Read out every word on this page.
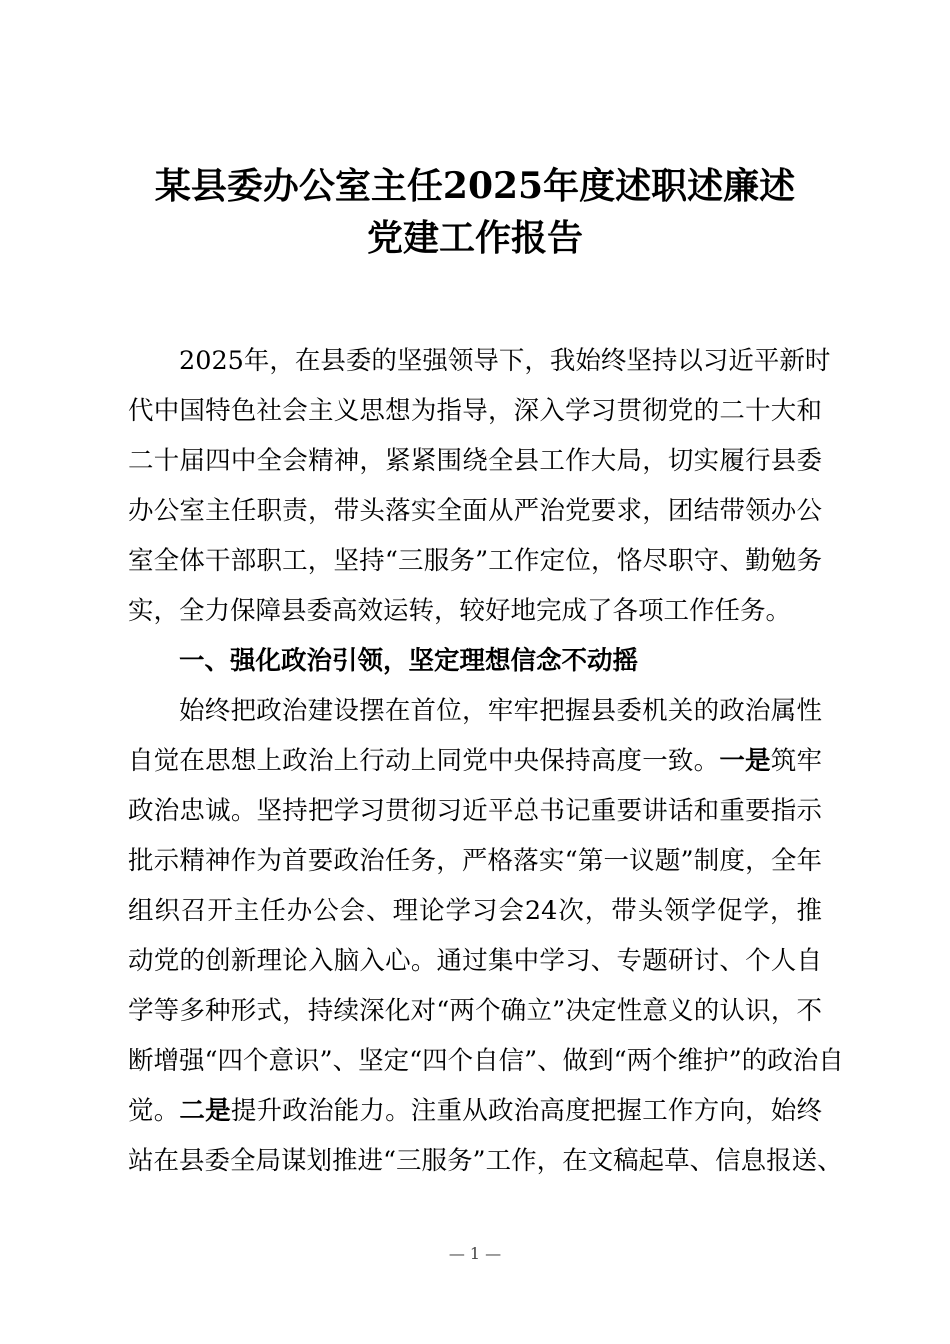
某县委办公室主任2025年度述职述廉述
党建工作报告
2025年，在县委的坚强领导下，我始终坚持以习近平新时
代中国特色社会主义思想为指导，深入学习贯彻党的二十大和
二十届四中全会精神，紧紧围绕全县工作大局，切实履行县委
办公室主任职责，带头落实全面从严治党要求，团结带领办公
室全体干部职工，坚持“三服务”工作定位，恪尽职守、勤勉务
实，全力保障县委高效运转，较好地完成了各项工作任务。
一、强化政治引领，坚定理想信念不动摇
始终把政治建设摆在首位，牢牢把握县委机关的政治属性
自觉在思想上政治上行动上同党中央保持高度一致。一是筑牢
政治忠诚。坚持把学习贯彻习近平总书记重要讲话和重要指示
批示精神作为首要政治任务，严格落实“第一议题”制度，全年
组织召开主任办公会、理论学习会24次，带头领学促学，推
动党的创新理论入脑入心。通过集中学习、专题研讨、个人自
学等多种形式，持续深化对“两个确立”决定性意义的认识，不
断增强“四个意识”、坚定“四个自信”、做到“两个维护”的政治自
觉。二是提升政治能力。注重从政治高度把握工作方向，始终
站在县委全局谋划推进“三服务”工作，在文稿起草、信息报送、
— 1 —
